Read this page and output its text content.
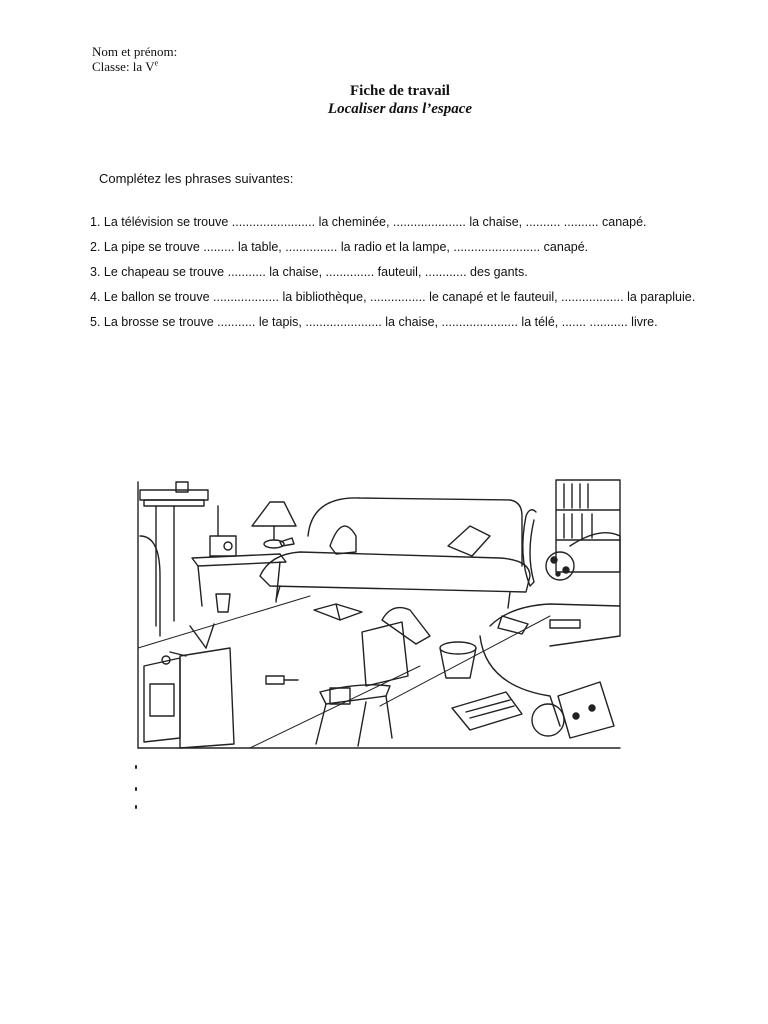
Nom et prénom:
Classe: la Ve
Fiche de travail
Localiser dans l’espace
Complétez les phrases suivantes:

1. La télévision se trouve ........................ la cheminée, ..................... la chaise, .......... .......... canapé.

2. La pipe se trouve ......... la table, ............... la radio et la lampe, ......................... canapé.

3. Le chapeau se trouve ........... la chaise, .............. fauteuil, ............ des gants.

4. Le ballon se trouve ................... la bibliothèque, ................ le canapé et le fauteuil, .................. la parapluie.

5. La brosse se trouve ........... le tapis, ...................... la chaise, ...................... la télé, ....... ........... livre.
